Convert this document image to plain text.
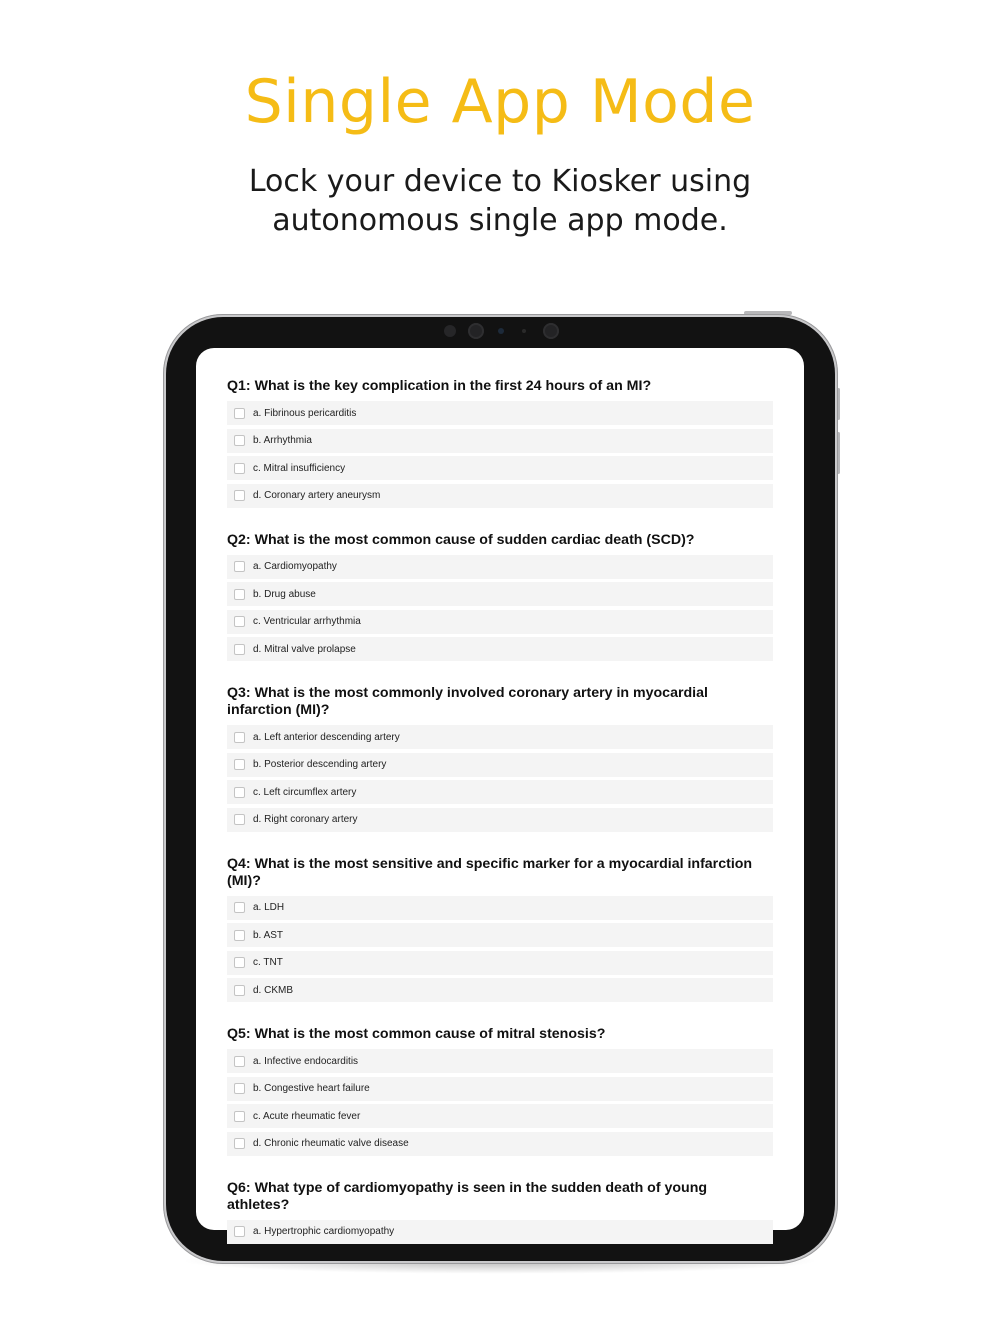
Single App Mode
Lock your device to Kiosker using
autonomous single app mode.
Q1: What is the key complication in the first 24 hours of an MI?
a. Fibrinous pericarditis
b. Arrhythmia
c. Mitral insufficiency
d. Coronary artery aneurysm
Q2: What is the most common cause of sudden cardiac death (SCD)?
a. Cardiomyopathy
b. Drug abuse
c. Ventricular arrhythmia
d. Mitral valve prolapse
Q3: What is the most commonly involved coronary artery in myocardial infarction (MI)?
a. Left anterior descending artery
b. Posterior descending artery
c. Left circumflex artery
d. Right coronary artery
Q4: What is the most sensitive and specific marker for a myocardial infarction (MI)?
a. LDH
b. AST
c. TNT
d. CKMB
Q5: What is the most common cause of mitral stenosis?
a. Infective endocarditis
b. Congestive heart failure
c. Acute rheumatic fever
d. Chronic rheumatic valve disease
Q6: What type of cardiomyopathy is seen in the sudden death of young athletes?
a. Hypertrophic cardiomyopathy
